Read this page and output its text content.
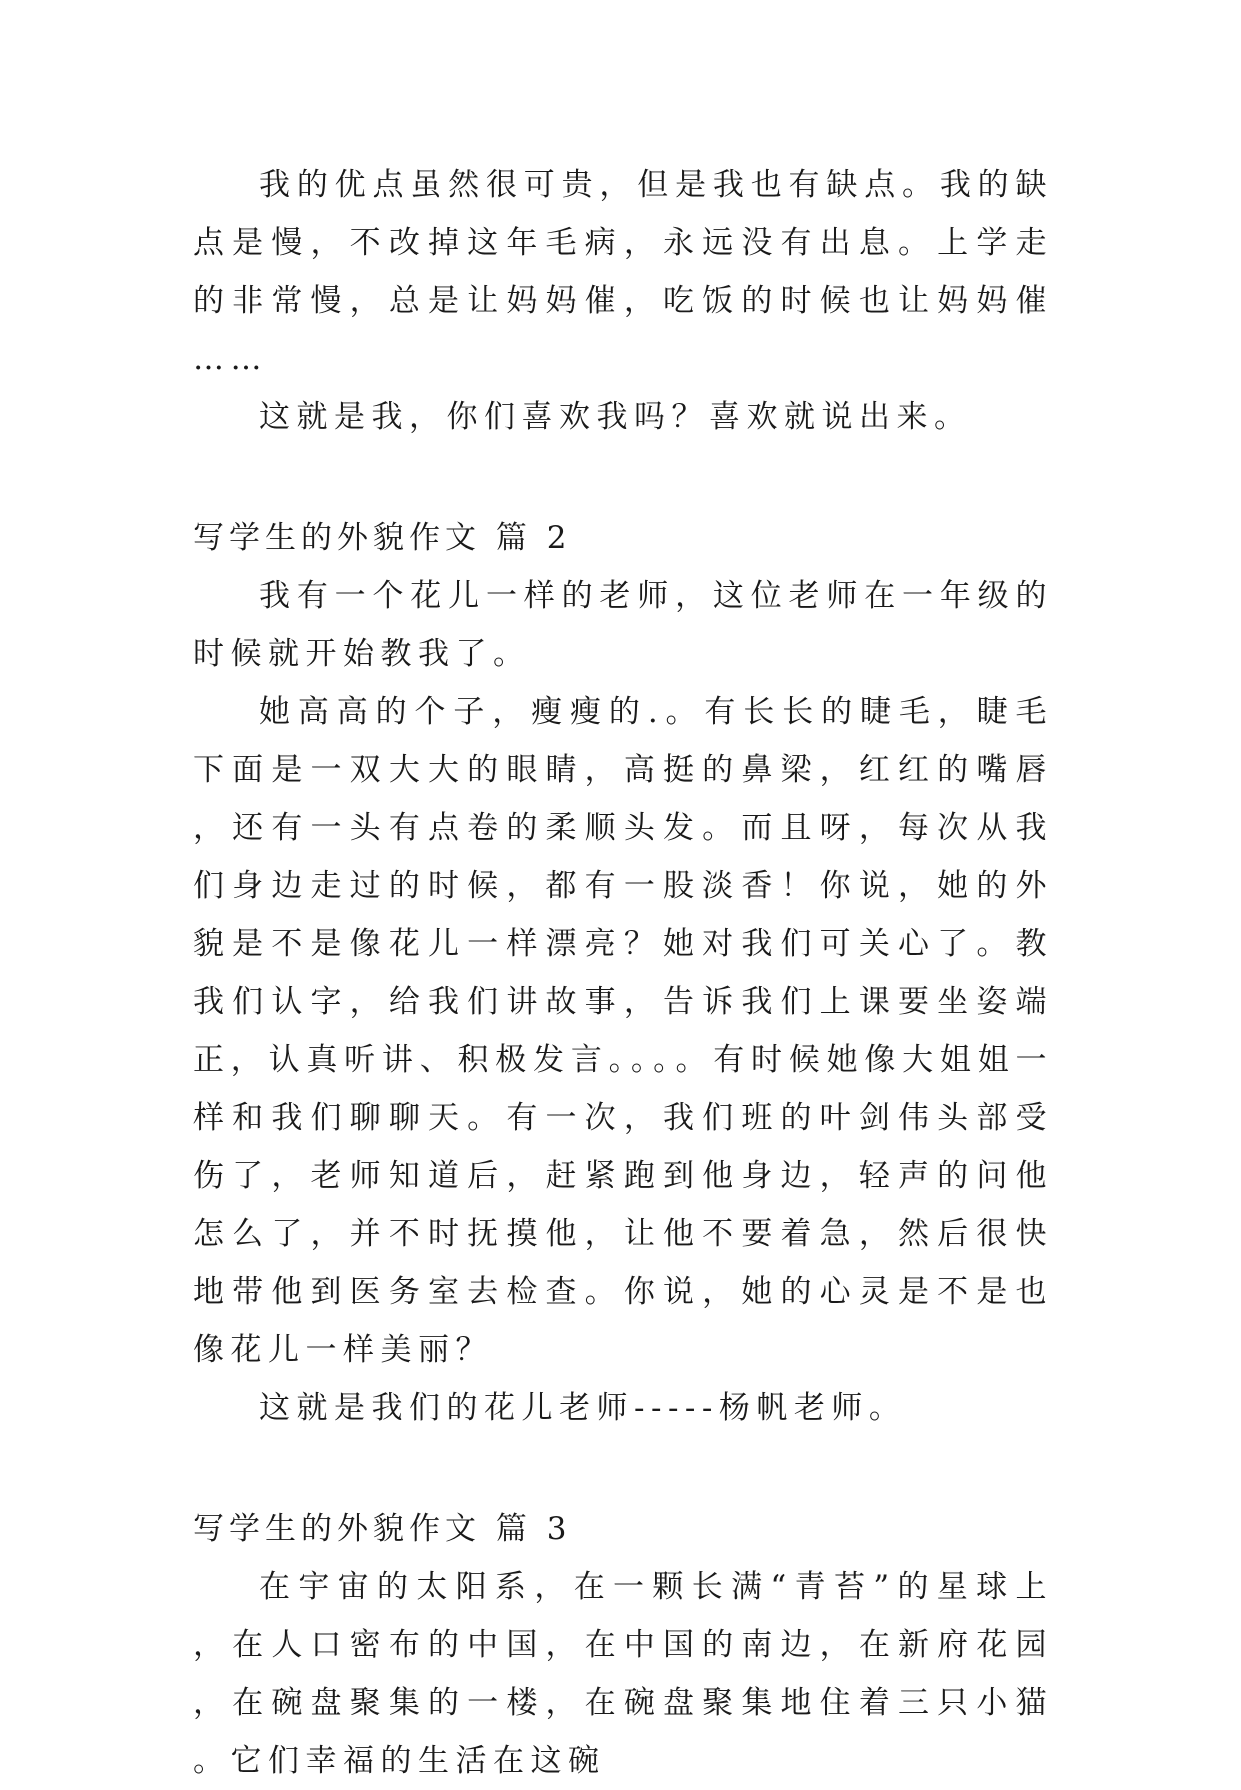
我的优点虽然很可贵，但是我也有缺点。我的缺点是慢，不改掉这年毛病，永远没有出息。上学走的非常慢，总是让妈妈催，吃饭的时候也让妈妈催……

这就是我，你们喜欢我吗？喜欢就说出来。

写学生的外貌作文 篇 2

我有一个花儿一样的老师，这位老师在一年级的时候就开始教我了。

她高高的个子，瘦瘦的.。有长长的睫毛，睫毛下面是一双大大的眼睛，高挺的鼻梁，红红的嘴唇，还有一头有点卷的柔顺头发。而且呀，每次从我们身边走过的时候，都有一股淡香！你说，她的外貌是不是像花儿一样漂亮？她对我们可关心了。教我们认字，给我们讲故事，告诉我们上课要坐姿端正，认真听讲、积极发言。。。。有时候她像大姐姐一样和我们聊聊天。有一次，我们班的叶剑伟头部受伤了，老师知道后，赶紧跑到他身边，轻声的问他怎么了，并不时抚摸他，让他不要着急，然后很快地带他到医务室去检查。你说，她的心灵是不是也像花儿一样美丽？

这就是我们的花儿老师-----杨帆老师。

写学生的外貌作文 篇 3

在宇宙的太阳系，在一颗长满“青苔”的星球上，在人口密布的中国，在中国的南边，在新府花园，在碗盘聚集的一楼，在碗盘聚集地住着三只小猫。它们幸福的生活在这碗
